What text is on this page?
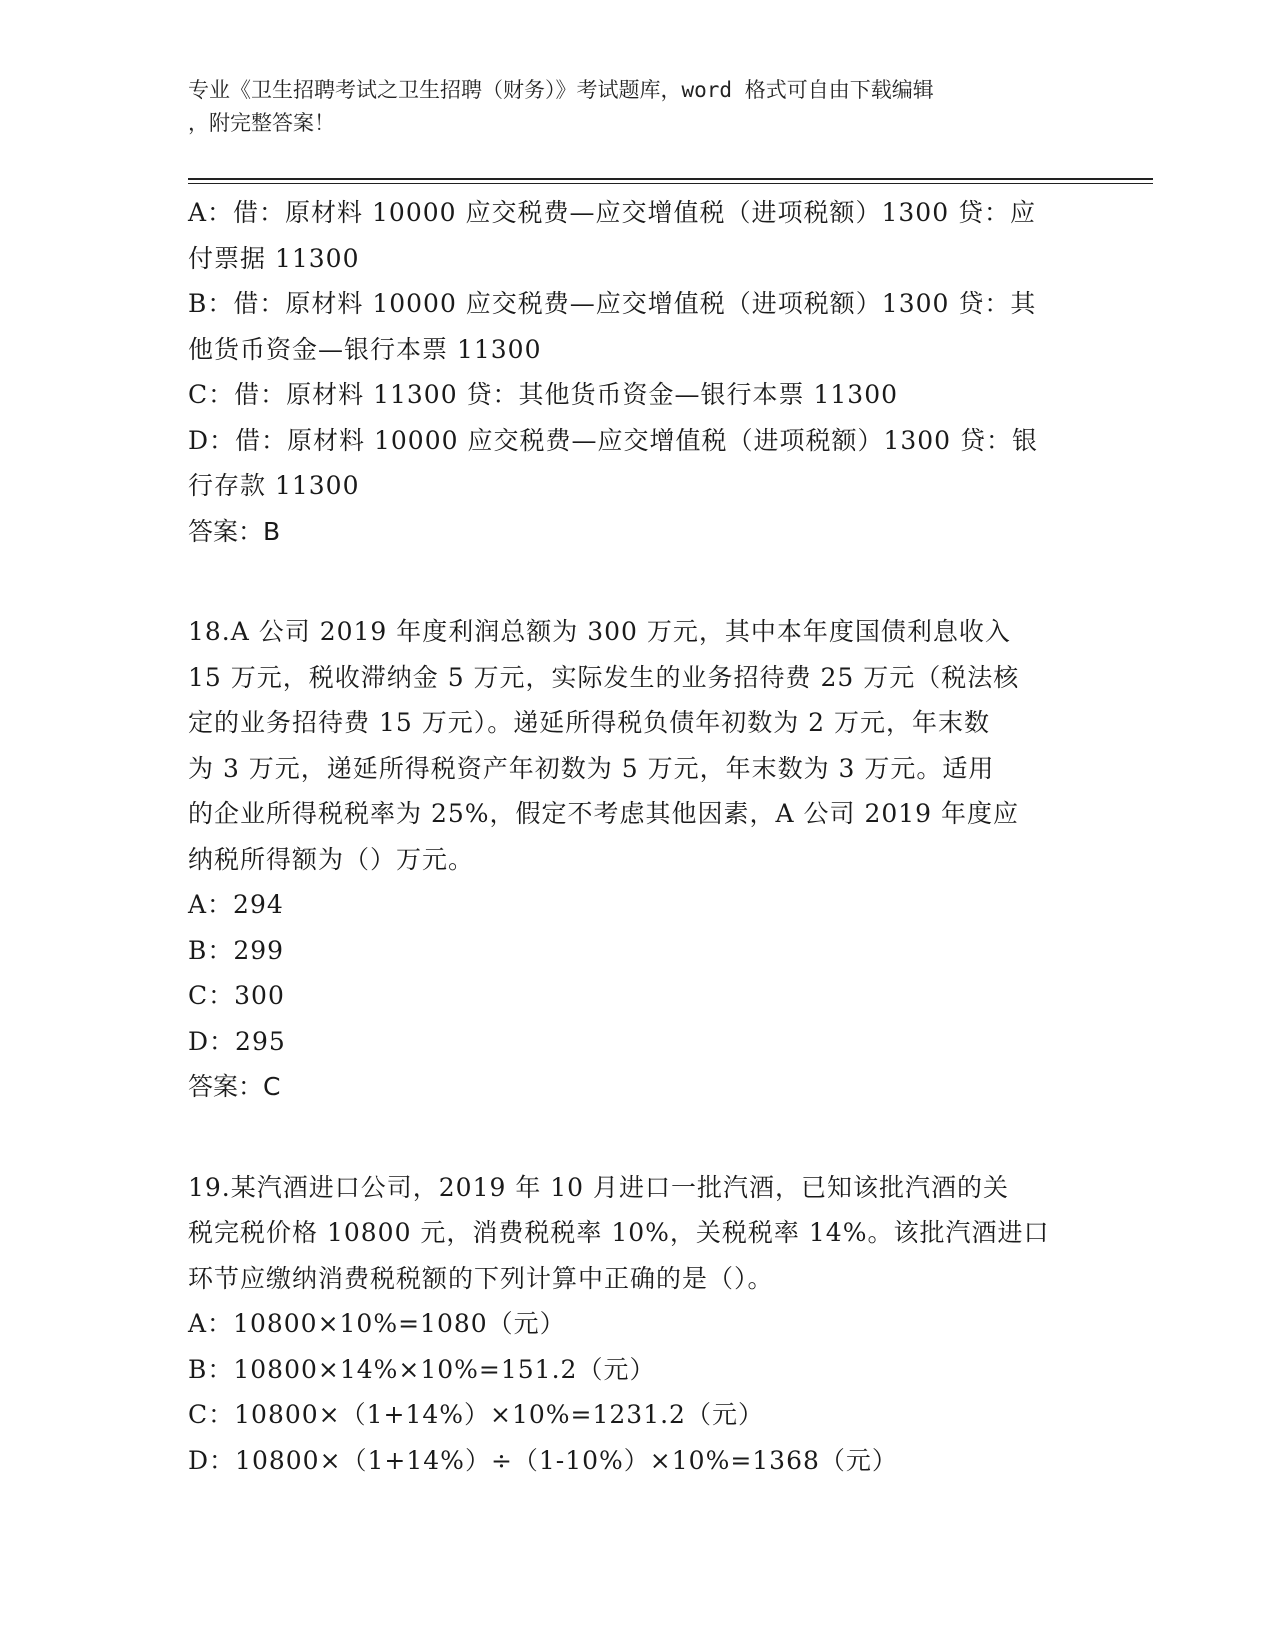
专业《卫生招聘考试之卫生招聘（财务）》考试题库，word 格式可自由下载编辑
，附完整答案！
A：借：原材料 10000 应交税费—应交增值税（进项税额）1300 贷：应
付票据 11300
B：借：原材料 10000 应交税费—应交增值税（进项税额）1300 贷：其
他货币资金—银行本票 11300
C：借：原材料 11300 贷：其他货币资金—银行本票 11300
D：借：原材料 10000 应交税费—应交增值税（进项税额）1300 贷：银
行存款 11300
答案：B
18.A 公司 2019 年度利润总额为 300 万元，其中本年度国债利息收入
15 万元，税收滞纳金 5 万元，实际发生的业务招待费 25 万元（税法核
定的业务招待费 15 万元）。递延所得税负债年初数为 2 万元，年末数
为 3 万元，递延所得税资产年初数为 5 万元，年末数为 3 万元。适用
的企业所得税税率为 25%，假定不考虑其他因素，A 公司 2019 年度应
纳税所得额为（）万元。
A：294
B：299
C：300
D：295
答案：C
19.某汽酒进口公司，2019 年 10 月进口一批汽酒，已知该批汽酒的关
税完税价格 10800 元，消费税税率 10%，关税税率 14%。该批汽酒进口
环节应缴纳消费税税额的下列计算中正确的是（）。
A：10800×10%=1080（元）
B：10800×14%×10%=151.2（元）
C：10800×（1+14%）×10%=1231.2（元）
D：10800×（1+14%）÷（1-10%）×10%=1368（元）
